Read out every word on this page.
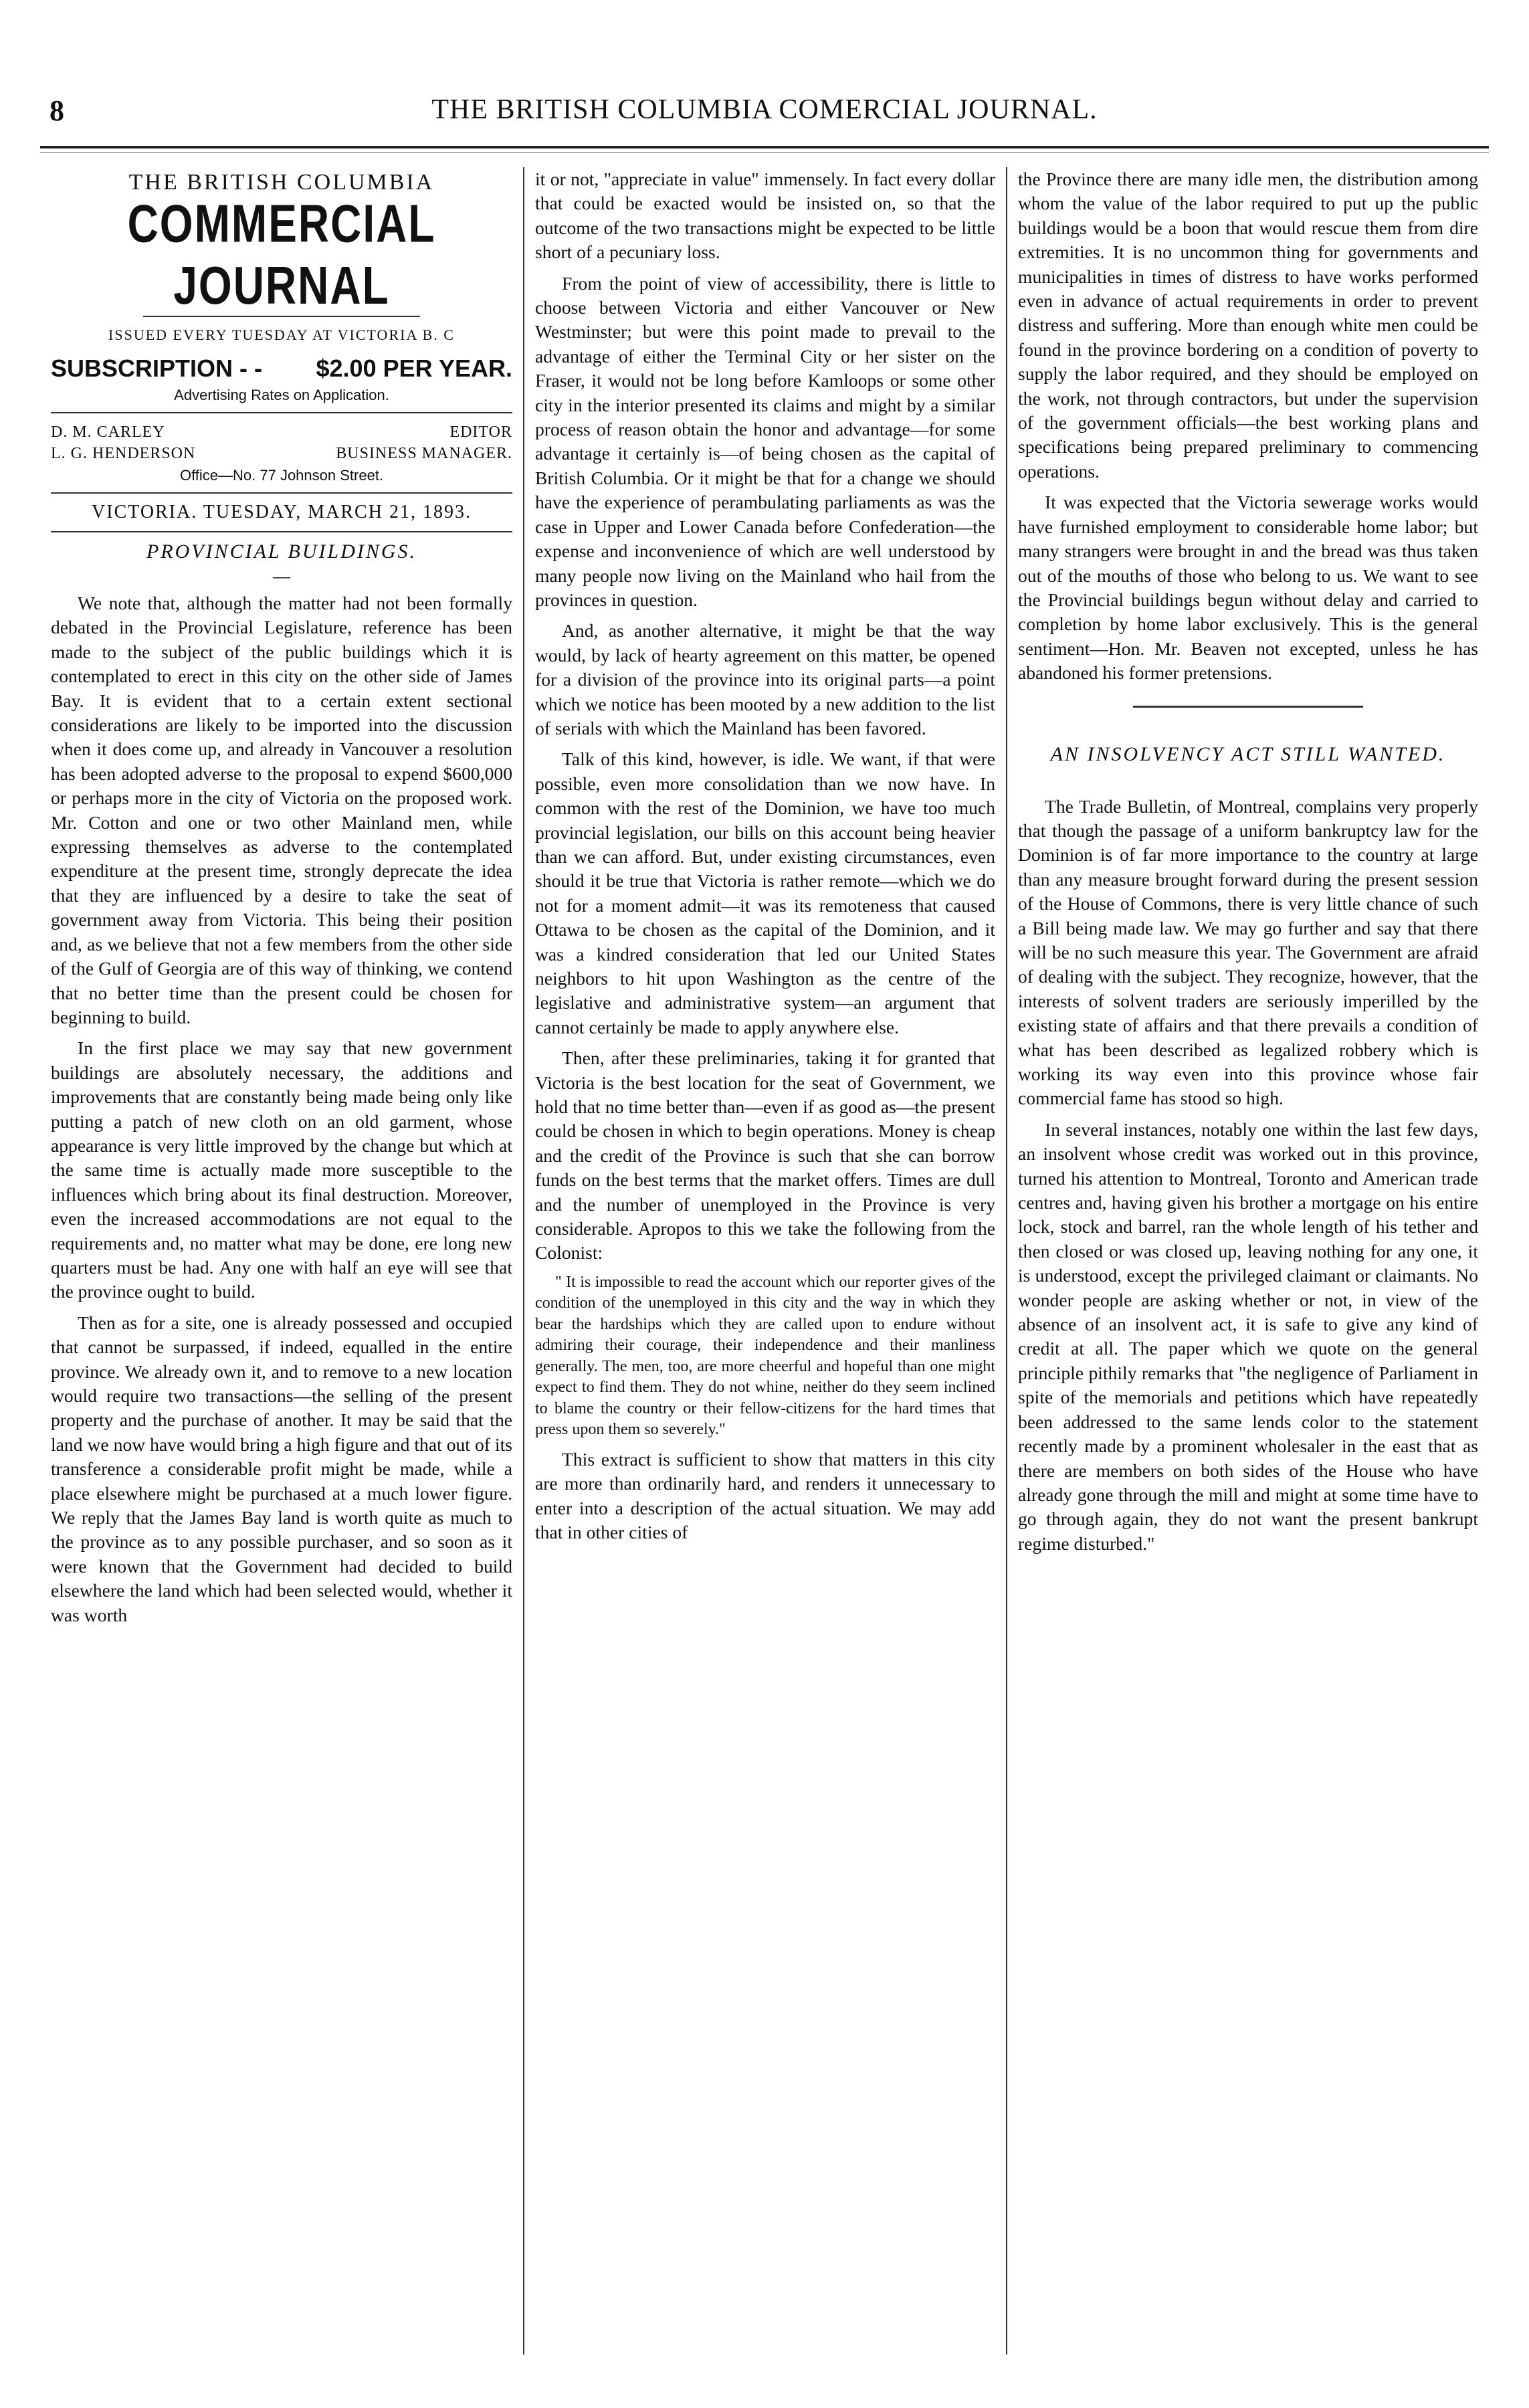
8	THE BRITISH COLUMBIA COMERCIAL JOURNAL.
THE BRITISH COLUMBIA
COMMERCIAL JOURNAL
ISSUED EVERY TUESDAY AT VICTORIA B. C
SUBSCRIPTION - - $2.00 PER YEAR.
Advertising Rates on Application.
D. M. CARLEY	EDITOR
L. G. HENDERSON	BUSINESS MANAGER.
Office—No. 77 Johnson Street.
VICTORIA. TUESDAY, MARCH 21, 1893.
PROVINCIAL BUILDINGS.
—

We note that, although the matter had not been formally debated in the Provincial Legislature, reference has been made to the subject of the public buildings which it is contemplated to erect in this city on the other side of James Bay. It is evident that to a certain extent sectional considerations are likely to be imported into the discussion when it does come up, and already in Vancouver a resolution has been adopted adverse to the proposal to expend $600,000 or perhaps more in the city of Victoria on the proposed work. Mr. Cotton and one or two other Mainland men, while expressing themselves as adverse to the contemplated expenditure at the present time, strongly deprecate the idea that they are influenced by a desire to take the seat of government away from Victoria. This being their position and, as we believe that not a few members from the other side of the Gulf of Georgia are of this way of thinking, we contend that no better time than the present could be chosen for beginning to build.

In the first place we may say that new government buildings are absolutely necessary, the additions and improvements that are constantly being made being only like putting a patch of new cloth on an old garment, whose appearance is very little improved by the change but which at the same time is actually made more susceptible to the influences which bring about its final destruction. Moreover, even the increased accommodations are not equal to the requirements and, no matter what may be done, ere long new quarters must be had. Any one with half an eye will see that the province ought to build.

Then as for a site, one is already possessed and occupied that cannot be surpassed, if indeed, equalled in the entire province. We already own it, and to remove to a new location would require two transactions—the selling of the present property and the purchase of another. It may be said that the land we now have would bring a high figure and that out of its transference a considerable profit might be made, while a place elsewhere might be purchased at a much lower figure. We reply that the James Bay land is worth quite as much to the province as to any possible purchaser, and so soon as it were known that the Government had decided to build elsewhere the land which had been selected would, whether it was worth

it or not, "appreciate in value" immensely. In fact every dollar that could be exacted would be insisted on, so that the outcome of the two transactions might be expected to be little short of a pecuniary loss.

From the point of view of accessibility, there is little to choose between Victoria and either Vancouver or New Westminster; but were this point made to prevail to the advantage of either the Terminal City or her sister on the Fraser, it would not be long before Kamloops or some other city in the interior presented its claims and might by a similar process of reason obtain the honor and advantage—for some advantage it certainly is—of being chosen as the capital of British Columbia. Or it might be that for a change we should have the experience of perambulating parliaments as was the case in Upper and Lower Canada before Confederation—the expense and inconvenience of which are well understood by many people now living on the Mainland who hail from the provinces in question.

And, as another alternative, it might be that the way would, by lack of hearty agreement on this matter, be opened for a division of the province into its original parts—a point which we notice has been mooted by a new addition to the list of serials with which the Mainland has been favored.

Talk of this kind, however, is idle. We want, if that were possible, even more consolidation than we now have. In common with the rest of the Dominion, we have too much provincial legislation, our bills on this account being heavier than we can afford. But, under existing circumstances, even should it be true that Victoria is rather remote—which we do not for a moment admit—it was its remoteness that caused Ottawa to be chosen as the capital of the Dominion, and it was a kindred consideration that led our United States neighbors to hit upon Washington as the centre of the legislative and administrative system—an argument that cannot certainly be made to apply anywhere else.

Then, after these preliminaries, taking it for granted that Victoria is the best location for the seat of Government, we hold that no time better than—even if as good as—the present could be chosen in which to begin operations. Money is cheap and the credit of the Province is such that she can borrow funds on the best terms that the market offers. Times are dull and the number of unemployed in the Province is very considerable. Apropos to this we take the following from the Colonist:

" It is impossible to read the account which our reporter gives of the condition of the unemployed in this city and the way in which they bear the hardships which they are called upon to endure without admiring their courage, their independence and their manliness generally. The men, too, are more cheerful and hopeful than one might expect to find them. They do not whine, neither do they seem inclined to blame the country or their fellow-citizens for the hard times that press upon them so severely."

This extract is sufficient to show that matters in this city are more than ordinarily hard, and renders it unnecessary to enter into a description of the actual situation. We may add that in other cities of

the Province there are many idle men, the distribution among whom the value of the labor required to put up the public buildings would be a boon that would rescue them from dire extremities. It is no uncommon thing for governments and municipalities in times of distress to have works performed even in advance of actual requirements in order to prevent distress and suffering. More than enough white men could be found in the province bordering on a condition of poverty to supply the labor required, and they should be employed on the work, not through contractors, but under the supervision of the government officials—the best working plans and specifications being prepared preliminary to commencing operations.

It was expected that the Victoria sewerage works would have furnished employment to considerable home labor; but many strangers were brought in and the bread was thus taken out of the mouths of those who belong to us. We want to see the Provincial buildings begun without delay and carried to completion by home labor exclusively. This is the general sentiment—Hon. Mr. Beaven not excepted, unless he has abandoned his former pretensions.

AN INSOLVENCY ACT STILL WANTED.

The Trade Bulletin, of Montreal, complains very properly that though the passage of a uniform bankruptcy law for the Dominion is of far more importance to the country at large than any measure brought forward during the present session of the House of Commons, there is very little chance of such a Bill being made law. We may go further and say that there will be no such measure this year. The Government are afraid of dealing with the subject. They recognize, however, that the interests of solvent traders are seriously imperilled by the existing state of affairs and that there prevails a condition of what has been described as legalized robbery which is working its way even into this province whose fair commercial fame has stood so high.

In several instances, notably one within the last few days, an insolvent whose credit was worked out in this province, turned his attention to Montreal, Toronto and American trade centres and, having given his brother a mortgage on his entire lock, stock and barrel, ran the whole length of his tether and then closed or was closed up, leaving nothing for any one, it is understood, except the privileged claimant or claimants. No wonder people are asking whether or not, in view of the absence of an insolvent act, it is safe to give any kind of credit at all. The paper which we quote on the general principle pithily remarks that "the negligence of Parliament in spite of the memorials and petitions which have repeatedly been addressed to the same lends color to the statement recently made by a prominent wholesaler in the east that as there are members on both sides of the House who have already gone through the mill and might at some time have to go through again, they do not want the present bankrupt regime disturbed."
